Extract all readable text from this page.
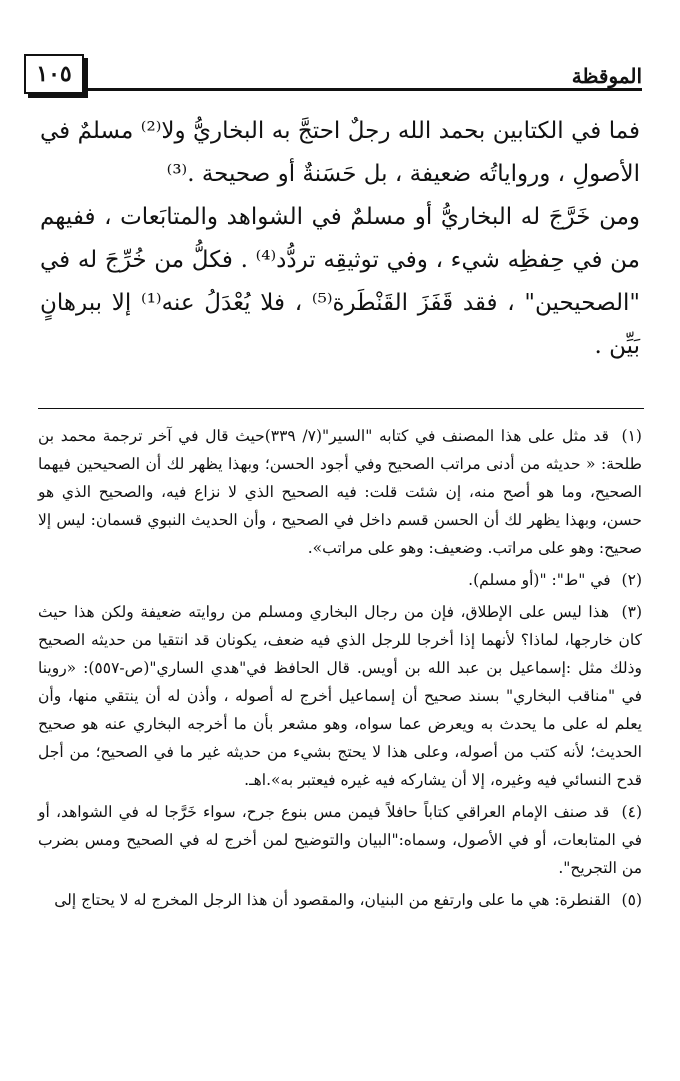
١٠٥	الموقظة

فما في الكتابين بحمد الله رجلٌ احتجَّ به البخاريُّ ولا⁽²⁾ مسلمٌ في الأصولِ ، ورواياتُه ضعيفة ، بل حَسَنةٌ أو صحيحة .⁽³⁾

ومن خَرَّجَ له البخاريُّ أو مسلمٌ في الشواهد والمتابَعات ، ففيهم من في حِفظِه شيء ، وفي توثيقِه تردُّد⁽⁴⁾ . فكلُّ من خُرِّجَ له في "الصحيحين" ، فقد قَفَزَ القَنْطَرة⁽⁵⁾ ، فلا يُعْدَلُ عنه⁽¹⁾ إلا ببرهانٍ بَيِّن .

(١) قد مثل على هذا المصنف في كتابه "السير"(٧/ ٣٣٩)حيث قال في آخر ترجمة محمد بن طلحة: « حديثه من أدنى مراتب الصحيح وفي أجود الحسن؛ وبهذا يظهر لك أن الصحيحين فيهما الصحيح، وما هو أصح منه، إن شئت قلت: فيه الصحيح الذي لا نزاع فيه، والصحيح الذي هو حسن، وبهذا يظهر لك أن الحسن قسم داخل في الصحيح ، وأن الحديث النبوي قسمان: ليس إلا صحيح: وهو على مراتب. وضعيف: وهو على مراتب».

(٢) في "ط": "(أو مسلم).

(٣) هذا ليس على الإطلاق، فإن من رجال البخاري ومسلم من روايته ضعيفة ولكن هذا حيث كان خارجها، لماذا؟ لأنهما إذا أخرجا للرجل الذي فيه ضعف، يكونان قد انتقيا من حديثه الصحيح وذلك مثل :إسماعيل بن عبد الله بن أويس. قال الحافظ في"هدي الساري"(ص-٥٥٧): «روينا في "مناقب البخاري" بسند صحيح أن إسماعيل أخرج له أصوله ، وأذن له أن ينتقي منها، وأن يعلم له على ما يحدث به ويعرض عما سواه، وهو مشعر بأن ما أخرجه البخاري عنه هو صحيح الحديث؛ لأنه كتب من أصوله، وعلى هذا لا يحتج بشيء من حديثه غير ما في الصحيح؛ من أجل قدح النسائي فيه وغيره، إلا أن يشاركه فيه غيره فيعتبر به».اهـ.

(٤) قد صنف الإمام العراقي كتاباً حافلاً فيمن مس بنوع جرح، سواء خَرَّجا له في الشواهد، أو في المتابعات، أو في الأصول، وسماه:"البيان والتوضيح لمن أخرج له في الصحيح ومس بضرب من التجريح".

(٥) القنطرة: هي ما على وارتفع من البنيان، والمقصود أن هذا الرجل المخرج له لا يحتاج إلى
